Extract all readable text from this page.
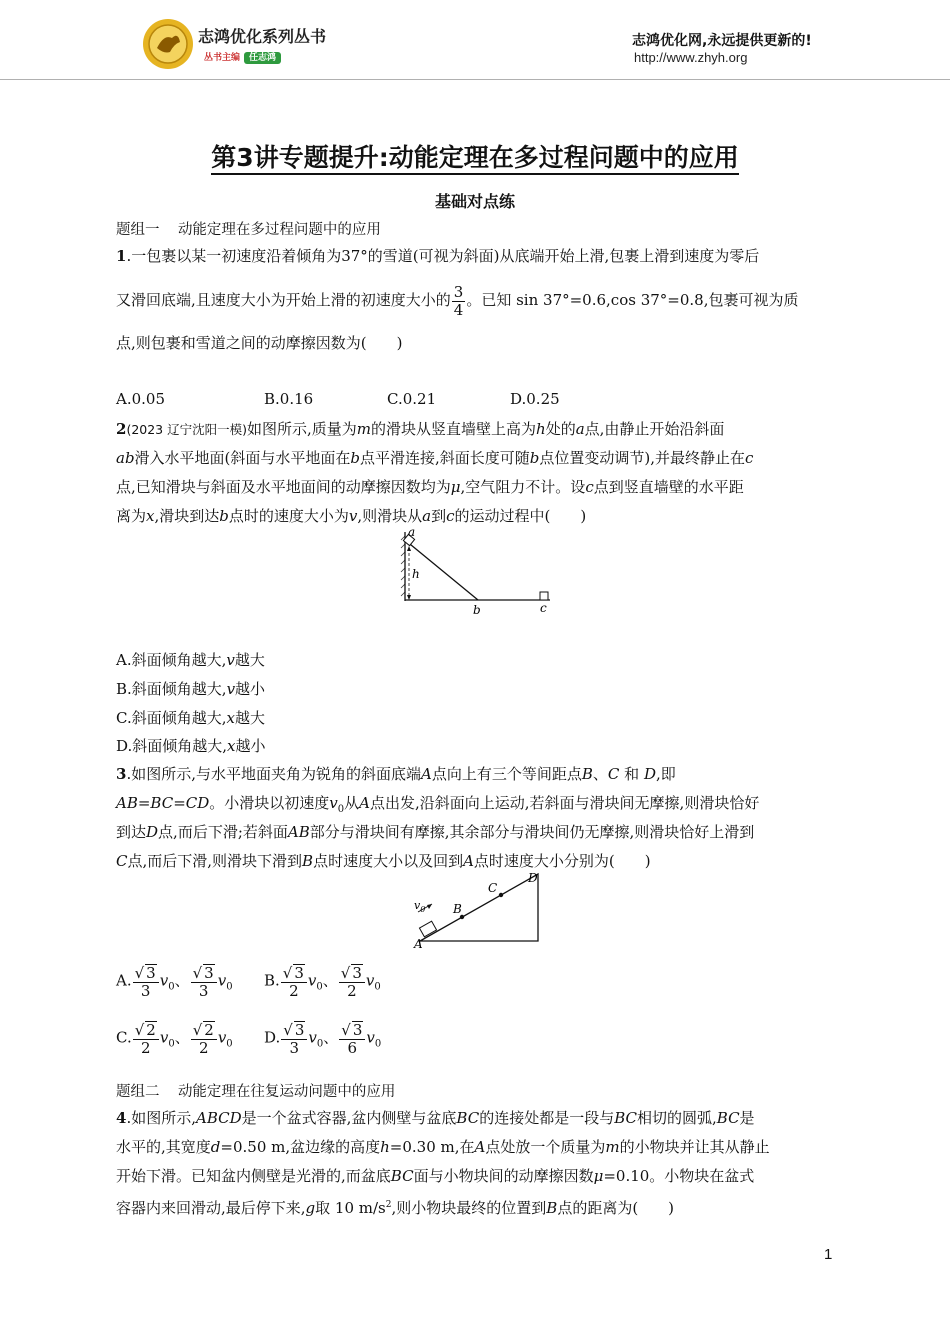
志鸿优化系列丛书
丛书主编 任志鸿
志鸿优化网,永远提供更新的!
http://www.zhyh.org
第3讲专题提升:动能定理在多过程问题中的应用
基础对点练
题组一 动能定理在多过程问题中的应用
1.一包裹以某一初速度沿着倾角为37°的雪道(可视为斜面)从底端开始上滑,包裹上滑到速度为零后
又滑回底端,且速度大小为开始上滑的初速度大小的 $\frac{3}{4}$ 。已知 sin 37°=0.6,cos 37°=0.8,包裹可视为质
点,则包裹和雪道之间的动摩擦因数为(　　)
A.0.05	B.0.16	C.0.21	D.0.25
2(2023 辽宁沈阳一模)如图所示,质量为m的滑块从竖直墙壁上高为h处的a点,由静止开始沿斜面
ab滑入水平地面(斜面与水平地面在b点平滑连接,斜面长度可随b点位置变动调节),并最终静止在c
点,已知滑块与斜面及水平地面间的动摩擦因数均为μ,空气阻力不计。设c点到竖直墙壁的水平距
离为x,滑块到达b点时的速度大小为v,则滑块从a到c的运动过程中(　　)
a
h
b	c
A.斜面倾角越大,v越大
B.斜面倾角越大,v越小
C.斜面倾角越大,x越大
D.斜面倾角越大,x越小
3.如图所示,与水平地面夹角为锐角的斜面底端A点向上有三个等间距点B、C 和 D,即
AB=BC=CD。小滑块以初速度$v_0$从A点出发,沿斜面向上运动,若斜面与滑块间无摩擦,则滑块恰好
到达D点,而后下滑;若斜面AB部分与滑块间有摩擦,其余部分与滑块间仍无摩擦,则滑块恰好上滑到
C点,而后下滑,则滑块下滑到B点时速度大小以及回到A点时速度大小分别为(　　)
$v_0$
A
B
C
D
A. $\frac{√ 3}{3} v_0$、 $\frac{√ 3}{3} v_0$ B. $\frac{√ 3}{2} v_0$、 $\frac{√ 3}{2} v_0$
C. $\frac{√ 2}{2} v_0$、 $\frac{√ 2}{2} v_0$ D. $\frac{√ 3}{3} v_0$、 $\frac{√ 3}{6} v_0$
题组二 动能定理在往复运动问题中的应用
4.如图所示,ABCD是一个盆式容器,盆内侧壁与盆底BC的连接处都是一段与BC相切的圆弧,BC是
水平的,其宽度d=0.50 m,盆边缘的高度h=0.30 m,在A点处放一个质量为m的小物块并让其从静止
开始下滑。已知盆内侧壁是光滑的,而盆底BC面与小物块间的动摩擦因数μ=0.10。小物块在盆式
容器内来回滑动,最后停下来,g取 10 $m/s^2$,则小物块最终的位置到B点的距离为(　　)
1
